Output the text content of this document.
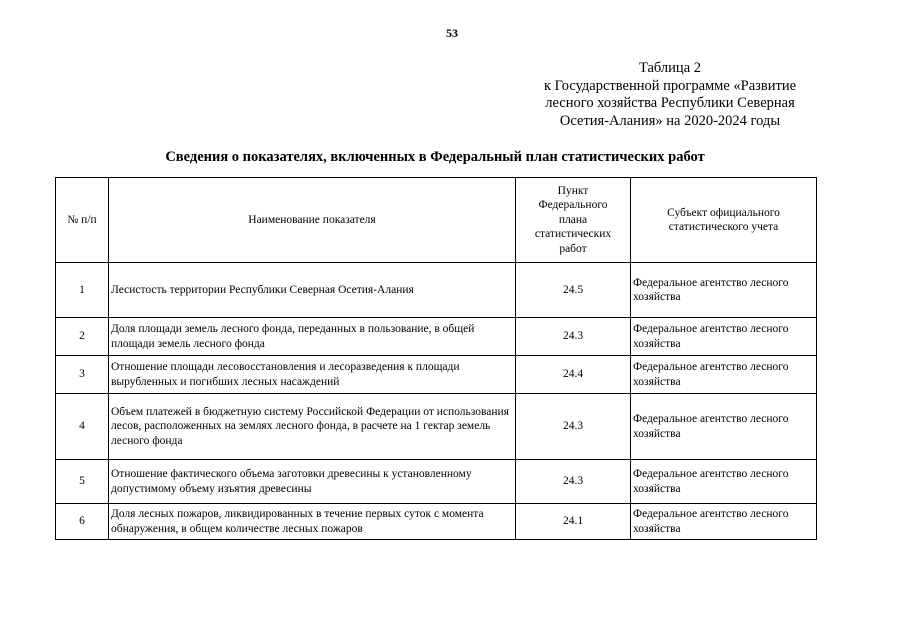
53
Таблица 2
к Государственной программе «Развитие
лесного хозяйства Республики Северная
Осетия-Алания» на 2020-2024 годы
Сведения о показателях, включенных в Федеральный план статистических работ
№ п/п	Наименование показателя	Пункт Федерального плана статистических работ	Субъект официального статистического учета
1	Лесистость территории Республики Северная Осетия-Алания	24.5	Федеральное агентство лесного хозяйства
2	Доля площади земель лесного фонда, переданных в пользование, в общей площади земель лесного фонда	24.3	Федеральное агентство лесного хозяйства
3	Отношение площади лесовосстановления и лесоразведения к площади вырубленных и погибших лесных насаждений	24.4	Федеральное агентство лесного хозяйства
4	Объем платежей в бюджетную систему Российской Федерации от использования лесов, расположенных на землях лесного фонда, в расчете на 1 гектар земель лесного фонда	24.3	Федеральное агентство лесного хозяйства
5	Отношение фактического объема заготовки древесины к установленному допустимому объему изъятия древесины	24.3	Федеральное агентство лесного хозяйства
6	Доля лесных пожаров, ликвидированных в течение первых суток с момента обнаружения, в общем количестве лесных пожаров	24.1	Федеральное агентство лесного хозяйства
